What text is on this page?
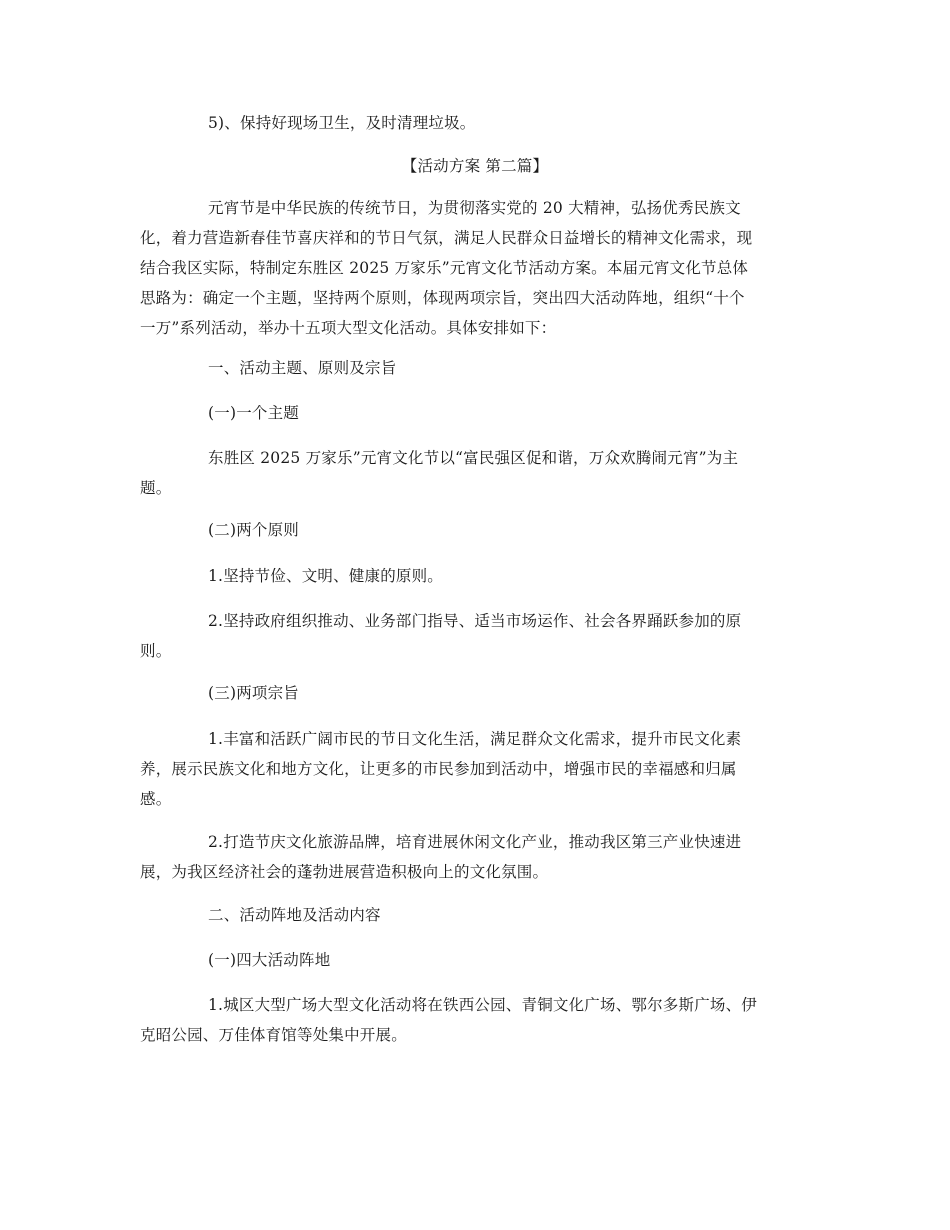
5)、保持好现场卫生，及时清理垃圾。
【活动方案 第二篇】
元宵节是中华民族的传统节日，为贯彻落实党的 20 大精神，弘扬优秀民族文
化，着力营造新春佳节喜庆祥和的节日气氛，满足人民群众日益增长的精神文化需求，现
结合我区实际，特制定东胜区 2025 万家乐”元宵文化节活动方案。本届元宵文化节总体
思路为：确定一个主题，坚持两个原则，体现两项宗旨，突出四大活动阵地，组织“十个
一万”系列活动，举办十五项大型文化活动。具体安排如下：
一、活动主题、原则及宗旨
(一)一个主题
东胜区 2025 万家乐”元宵文化节以“富民强区促和谐，万众欢腾闹元宵”为主
题。
(二)两个原则
1.坚持节俭、文明、健康的原则。
2.坚持政府组织推动、业务部门指导、适当市场运作、社会各界踊跃参加的原
则。
(三)两项宗旨
1.丰富和活跃广阔市民的节日文化生活，满足群众文化需求，提升市民文化素
养，展示民族文化和地方文化，让更多的市民参加到活动中，增强市民的幸福感和归属
感。
2.打造节庆文化旅游品牌，培育进展休闲文化产业，推动我区第三产业快速进
展，为我区经济社会的蓬勃进展营造积极向上的文化氛围。
二、活动阵地及活动内容
(一)四大活动阵地
1.城区大型广场大型文化活动将在铁西公园、青铜文化广场、鄂尔多斯广场、伊
克昭公园、万佳体育馆等处集中开展。
